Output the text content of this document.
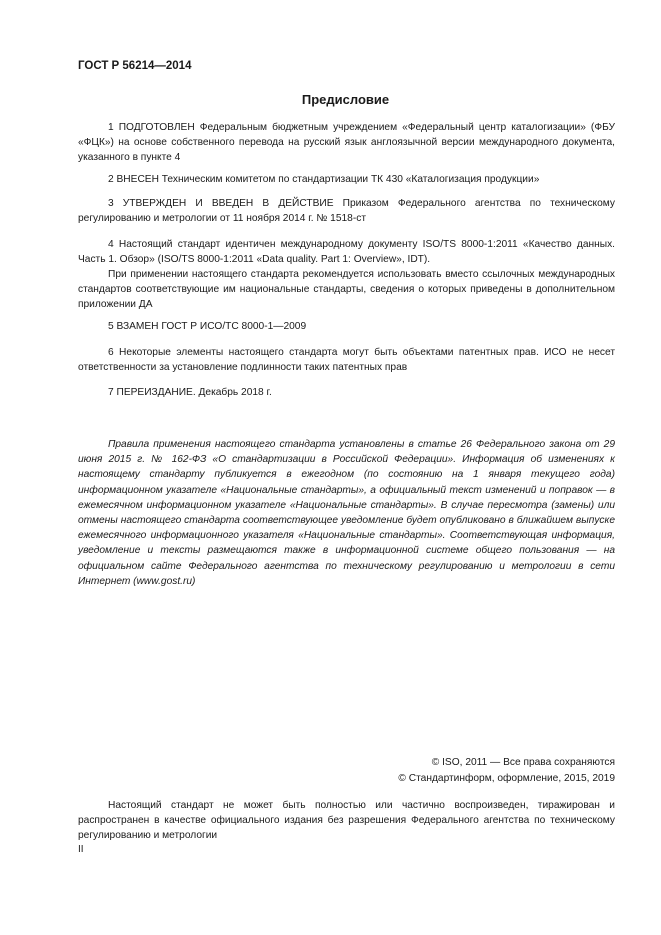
ГОСТ Р 56214—2014
Предисловие

1 ПОДГОТОВЛЕН Федеральным бюджетным учреждением «Федеральный центр каталогизации» (ФБУ «ФЦК») на основе собственного перевода на русский язык англоязычной версии международного документа, указанного в пункте 4

2 ВНЕСЕН Техническим комитетом по стандартизации ТК 430 «Каталогизация продукции»

3 УТВЕРЖДЕН И ВВЕДЕН В ДЕЙСТВИЕ Приказом Федерального агентства по техническому регулированию и метрологии от 11 ноября 2014 г. № 1518-ст

4 Настоящий стандарт идентичен международному документу ISO/TS 8000-1:2011 «Качество данных. Часть 1. Обзор» (ISO/TS 8000-1:2011 «Data quality. Part 1: Overview», IDT).

При применении настоящего стандарта рекомендуется использовать вместо ссылочных международных стандартов соответствующие им национальные стандарты, сведения о которых приведены в дополнительном приложении ДА

5 ВЗАМЕН ГОСТ Р ИСО/ТС 8000-1—2009

6 Некоторые элементы настоящего стандарта могут быть объектами патентных прав. ИСО не несет ответственности за установление подлинности таких патентных прав

7 ПЕРЕИЗДАНИЕ. Декабрь 2018 г.

Правила применения настоящего стандарта установлены в статье 26 Федерального закона от 29 июня 2015 г. № 162-ФЗ «О стандартизации в Российской Федерации». Информация об изменениях к настоящему стандарту публикуется в ежегодном (по состоянию на 1 января текущего года) информационном указателе «Национальные стандарты», а официальный текст изменений и поправок — в ежемесячном информационном указателе «Национальные стандарты». В случае пересмотра (замены) или отмены настоящего стандарта соответствующее уведомление будет опубликовано в ближайшем выпуске ежемесячного информационного указателя «Национальные стандарты». Соответствующая информация, уведомление и тексты размещаются также в информационной системе общего пользования — на официальном сайте Федерального агентства по техническому регулированию и метрологии в сети Интернет (www.gost.ru)

© ISO, 2011 — Все права сохраняются
© Стандартинформ, оформление, 2015, 2019

Настоящий стандарт не может быть полностью или частично воспроизведен, тиражирован и распространен в качестве официального издания без разрешения Федерального агентства по техническому регулированию и метрологии

II
